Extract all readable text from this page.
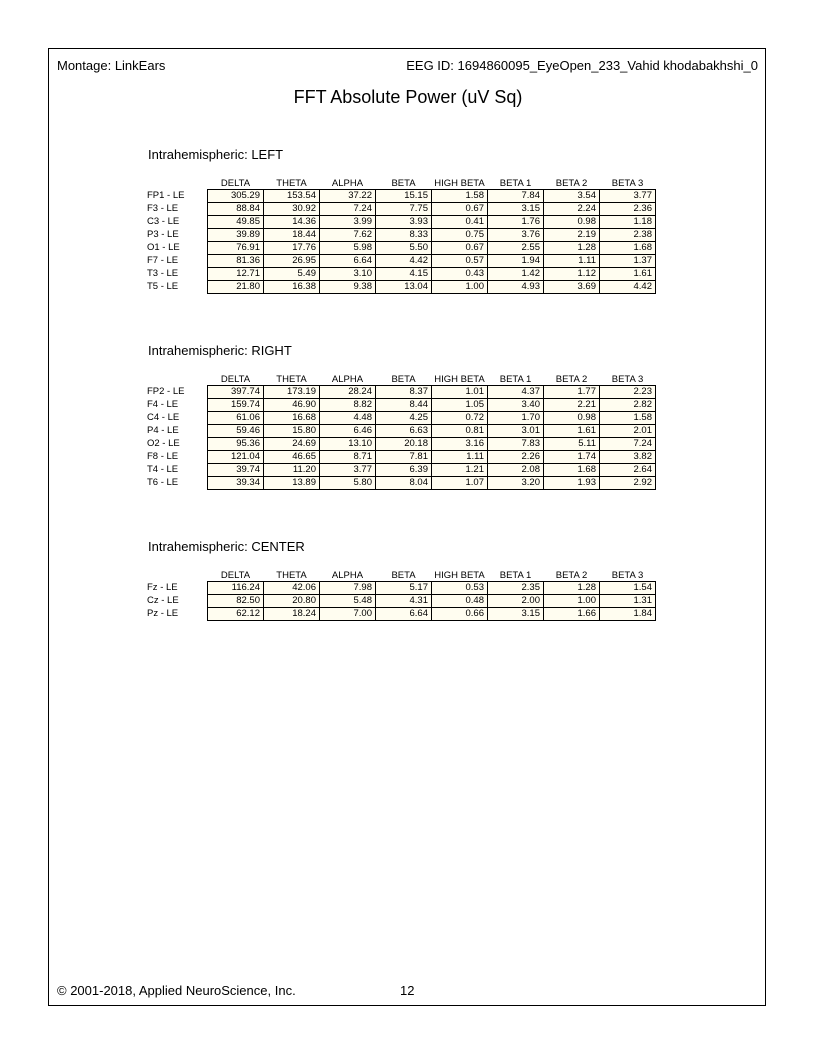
Montage: LinkEars	EEG ID: 1694860095_EyeOpen_233_Vahid khodabakhshi_0
FFT Absolute Power (uV Sq)
Intrahemispheric: LEFT
	DELTA	THETA	ALPHA	BETA	HIGH BETA	BETA 1	BETA 2	BETA 3
FP1 - LE	305.29	153.54	37.22	15.15	1.58	7.84	3.54	3.77
F3 - LE	88.84	30.92	7.24	7.75	0.67	3.15	2.24	2.36
C3 - LE	49.85	14.36	3.99	3.93	0.41	1.76	0.98	1.18
P3 - LE	39.89	18.44	7.62	8.33	0.75	3.76	2.19	2.38
O1 - LE	76.91	17.76	5.98	5.50	0.67	2.55	1.28	1.68
F7 - LE	81.36	26.95	6.64	4.42	0.57	1.94	1.11	1.37
T3 - LE	12.71	5.49	3.10	4.15	0.43	1.42	1.12	1.61
T5 - LE	21.80	16.38	9.38	13.04	1.00	4.93	3.69	4.42
Intrahemispheric: RIGHT
	DELTA	THETA	ALPHA	BETA	HIGH BETA	BETA 1	BETA 2	BETA 3
FP2 - LE	397.74	173.19	28.24	8.37	1.01	4.37	1.77	2.23
F4 - LE	159.74	46.90	8.82	8.44	1.05	3.40	2.21	2.82
C4 - LE	61.06	16.68	4.48	4.25	0.72	1.70	0.98	1.58
P4 - LE	59.46	15.80	6.46	6.63	0.81	3.01	1.61	2.01
O2 - LE	95.36	24.69	13.10	20.18	3.16	7.83	5.11	7.24
F8 - LE	121.04	46.65	8.71	7.81	1.11	2.26	1.74	3.82
T4 - LE	39.74	11.20	3.77	6.39	1.21	2.08	1.68	2.64
T6 - LE	39.34	13.89	5.80	8.04	1.07	3.20	1.93	2.92
Intrahemispheric: CENTER
	DELTA	THETA	ALPHA	BETA	HIGH BETA	BETA 1	BETA 2	BETA 3
Fz - LE	116.24	42.06	7.98	5.17	0.53	2.35	1.28	1.54
Cz - LE	82.50	20.80	5.48	4.31	0.48	2.00	1.00	1.31
Pz - LE	62.12	18.24	7.00	6.64	0.66	3.15	1.66	1.84
© 2001-2018, Applied NeuroScience, Inc.	12
